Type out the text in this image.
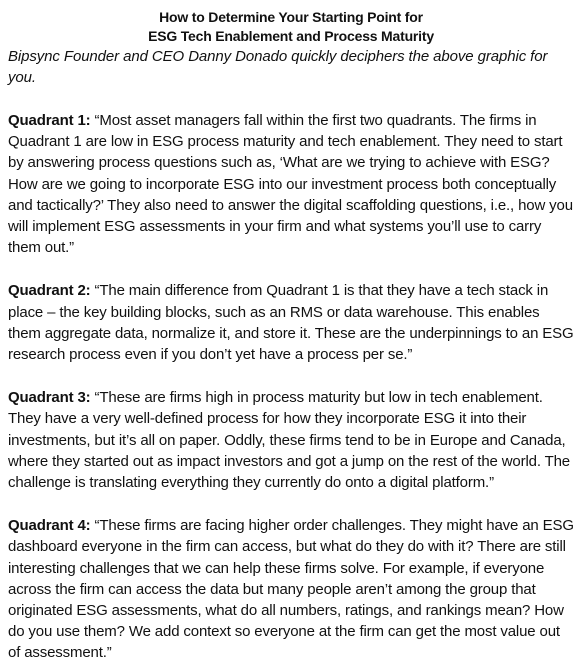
How to Determine Your Starting Point for
ESG Tech Enablement and Process Maturity

Bipsync Founder and CEO Danny Donado quickly deciphers the above graphic for you.

Quadrant 1: “Most asset managers fall within the first two quadrants. The firms in Quadrant 1 are low in ESG process maturity and tech enablement. They need to start by answering process questions such as, ‘What are we trying to achieve with ESG? How are we going to incorporate ESG into our investment process both conceptually and tactically?’ They also need to answer the digital scaffolding questions, i.e., how you will implement ESG assessments in your firm and what systems you’ll use to carry them out.”

Quadrant 2: “The main difference from Quadrant 1 is that they have a tech stack in place – the key building blocks, such as an RMS or data warehouse. This enables them aggregate data, normalize it, and store it. These are the underpinnings to an ESG research process even if you don’t yet have a process per se.”

Quadrant 3: “These are firms high in process maturity but low in tech enablement. They have a very well-defined process for how they incorporate ESG it into their investments, but it’s all on paper. Oddly, these firms tend to be in Europe and Canada, where they started out as impact investors and got a jump on the rest of the world. The challenge is translating everything they currently do onto a digital platform.”

Quadrant 4: “These firms are facing higher order challenges. They might have an ESG dashboard everyone in the firm can access, but what do they do with it? There are still interesting challenges that we can help these firms solve. For example, if everyone across the firm can access the data but many people aren’t among the group that originated ESG assessments, what do all numbers, ratings, and rankings mean? How do you use them? We add context so everyone at the firm can get the most value out of assessment.”
